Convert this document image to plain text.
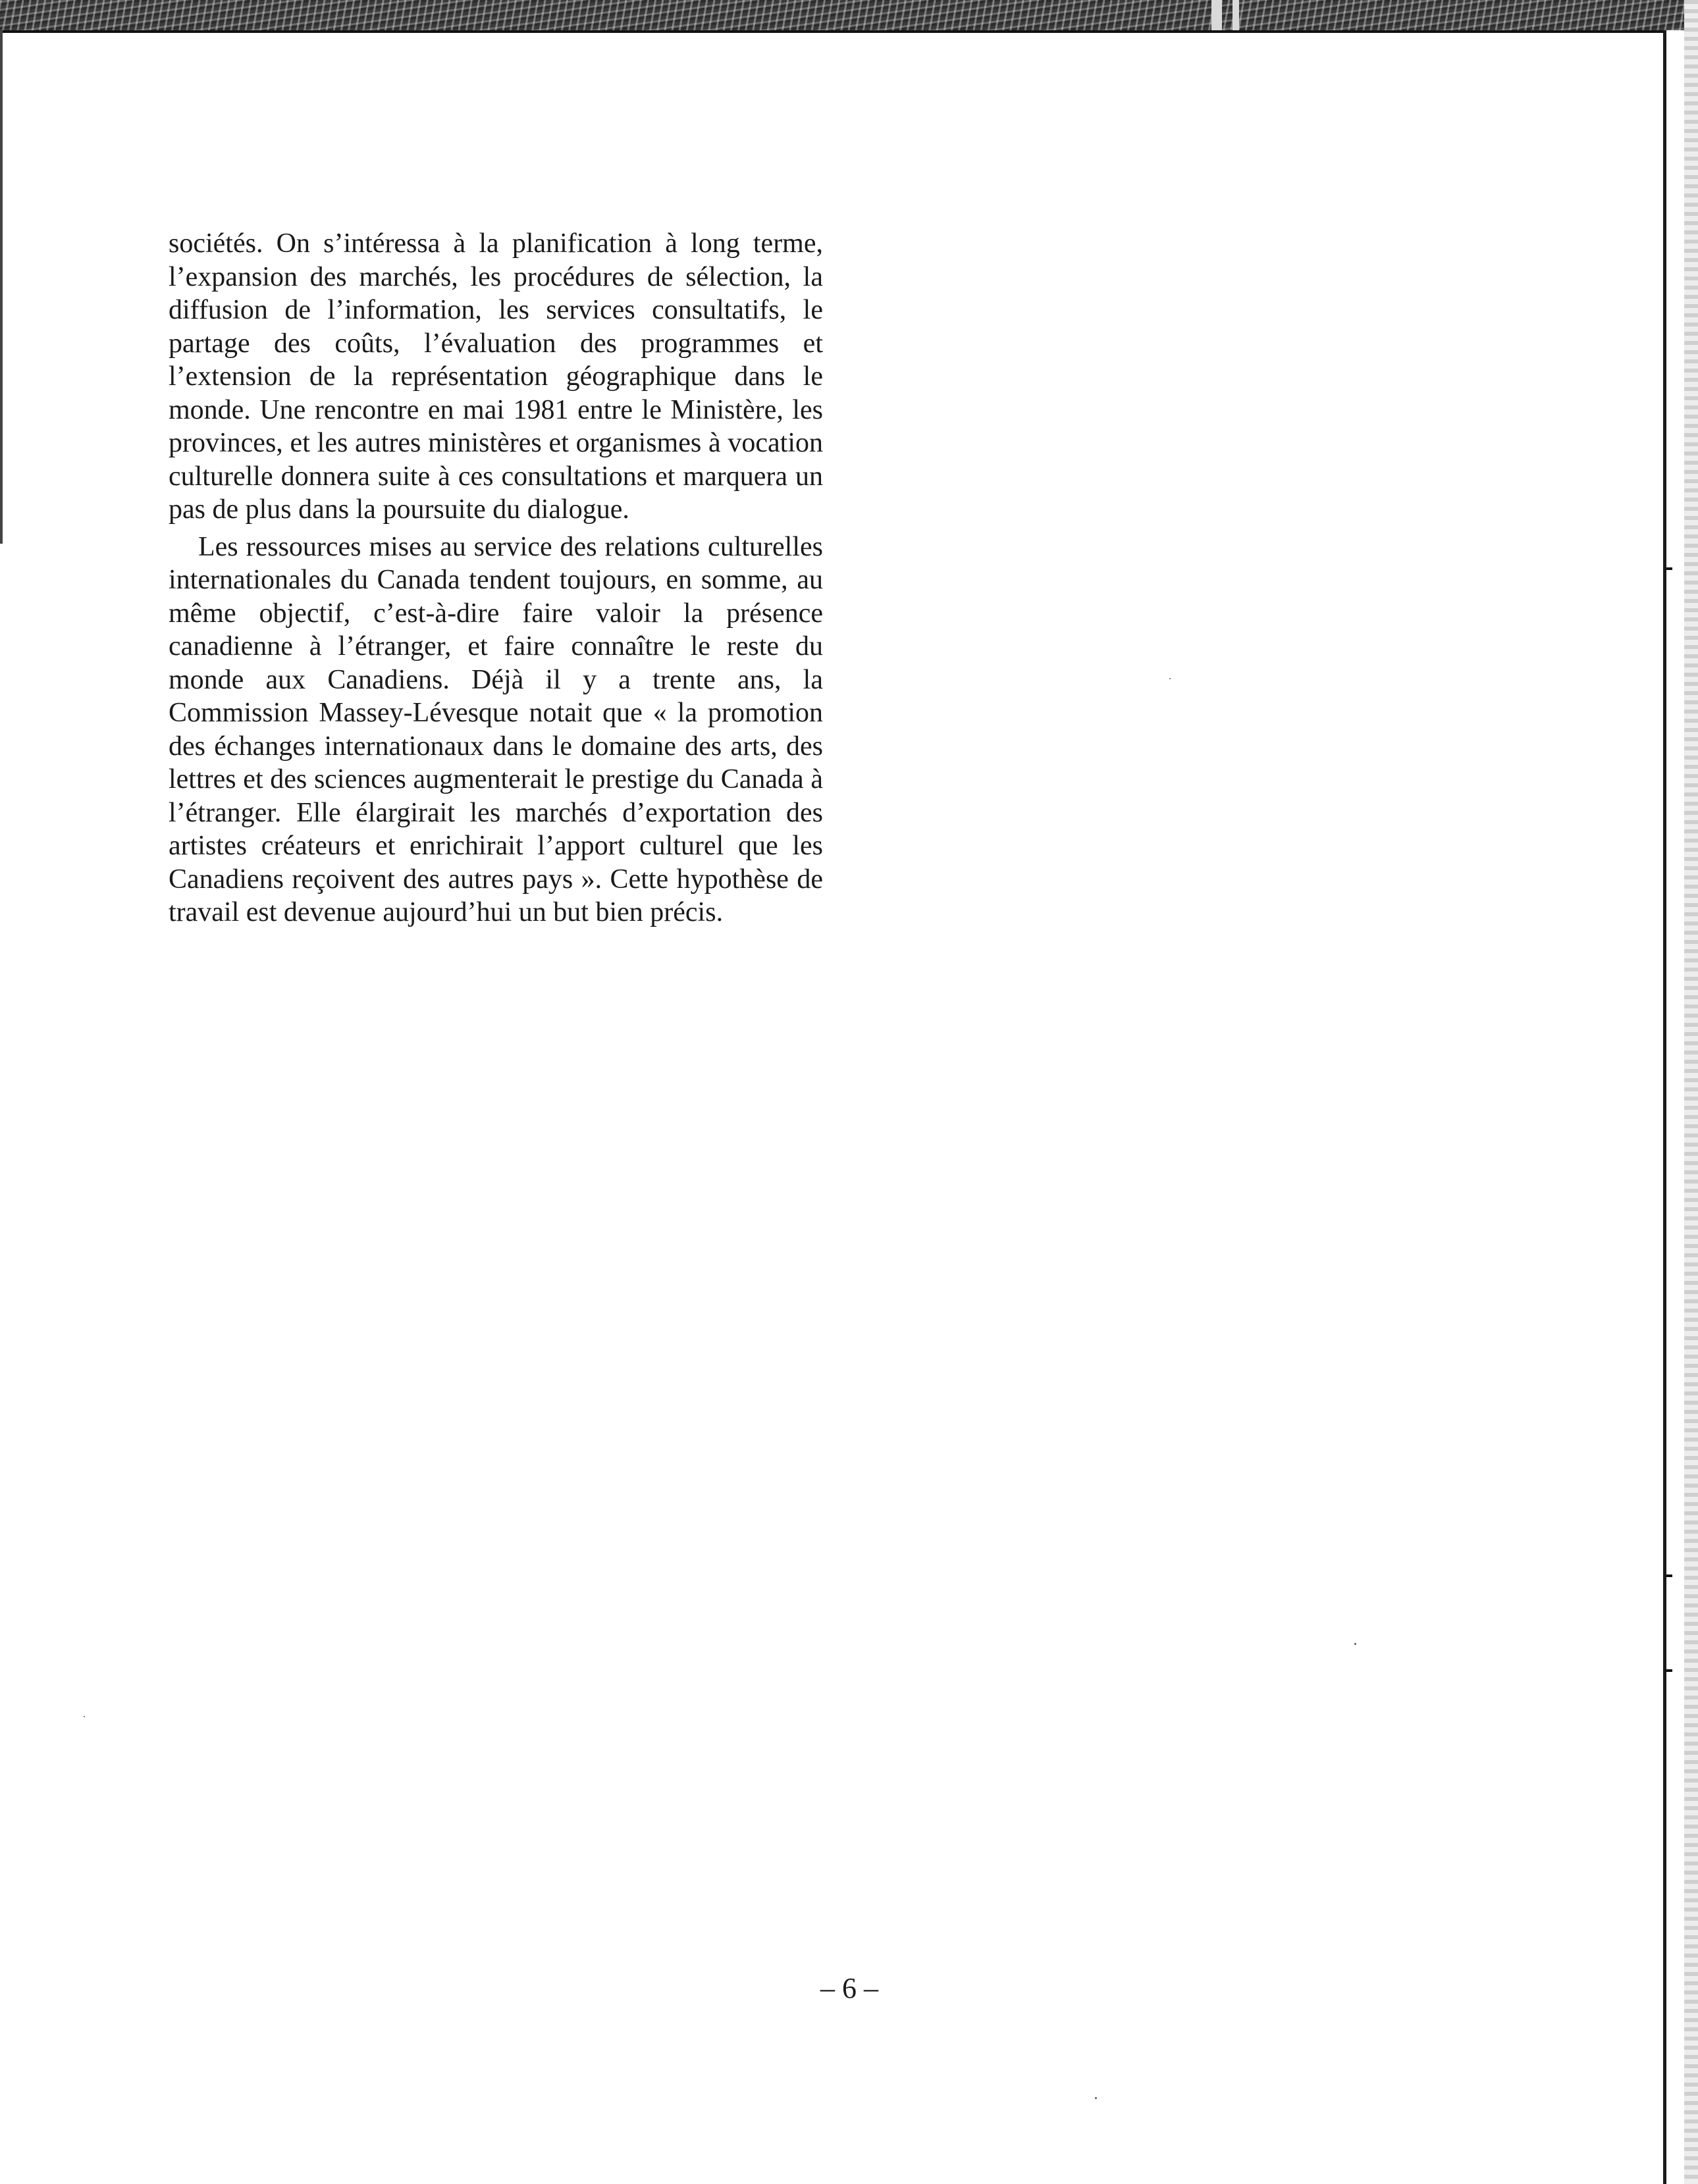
sociétés. On s’intéressa à la planification à long terme, l’expansion des marchés, les procédures de sélection, la diffusion de l’information, les services consultatifs, le partage des coûts, l’évaluation des programmes et l’extension de la représentation géographique dans le monde. Une rencontre en mai 1981 entre le Ministère, les provinces, et les autres ministères et organismes à vocation culturelle donnera suite à ces consultations et marquera un pas de plus dans la poursuite du dialogue.

Les ressources mises au service des relations culturelles internationales du Canada tendent toujours, en somme, au même objectif, c’est-à-dire faire valoir la présence canadienne à l’étranger, et faire connaître le reste du monde aux Canadiens. Déjà il y a trente ans, la Commission Massey-Lévesque notait que « la promotion des échanges internationaux dans le domaine des arts, des lettres et des sciences augmenterait le prestige du Canada à l’étranger. Elle élargirait les marchés d’exportation des artistes créateurs et enrichirait l’apport culturel que les Canadiens reçoivent des autres pays ». Cette hypothèse de travail est devenue aujourd’hui un but bien précis.

– 6 –
